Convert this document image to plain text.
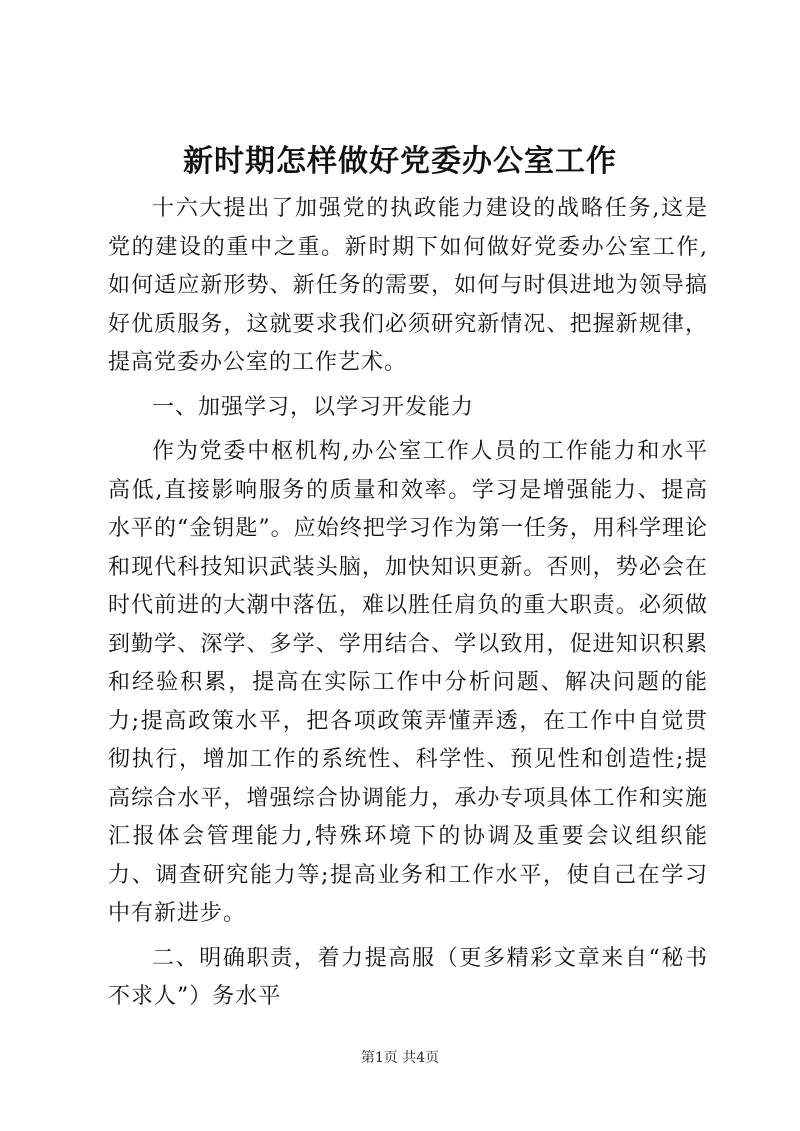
新时期怎样做好党委办公室工作

十六大提出了加强党的执政能力建设的战略任务,这是党的建设的重中之重。新时期下如何做好党委办公室工作,如何适应新形势、新任务的需要，如何与时俱进地为领导搞好优质服务，这就要求我们必须研究新情况、把握新规律，提高党委办公室的工作艺术。

一、加强学习，以学习开发能力

作为党委中枢机构,办公室工作人员的工作能力和水平高低,直接影响服务的质量和效率。学习是增强能力、提高水平的“金钥匙”。应始终把学习作为第一任务，用科学理论和现代科技知识武装头脑，加快知识更新。否则，势必会在时代前进的大潮中落伍，难以胜任肩负的重大职责。必须做到勤学、深学、多学、学用结合、学以致用，促进知识积累和经验积累，提高在实际工作中分析问题、解决问题的能力;提高政策水平，把各项政策弄懂弄透，在工作中自觉贯彻执行，增加工作的系统性、科学性、预见性和创造性;提高综合水平，增强综合协调能力，承办专项具体工作和实施汇报体会管理能力,特殊环境下的协调及重要会议组织能力、调查研究能力等;提高业务和工作水平，使自己在学习中有新进步。

二、明确职责，着力提高服（更多精彩文章来自“秘书不求人”）务水平

第1页 共4页
